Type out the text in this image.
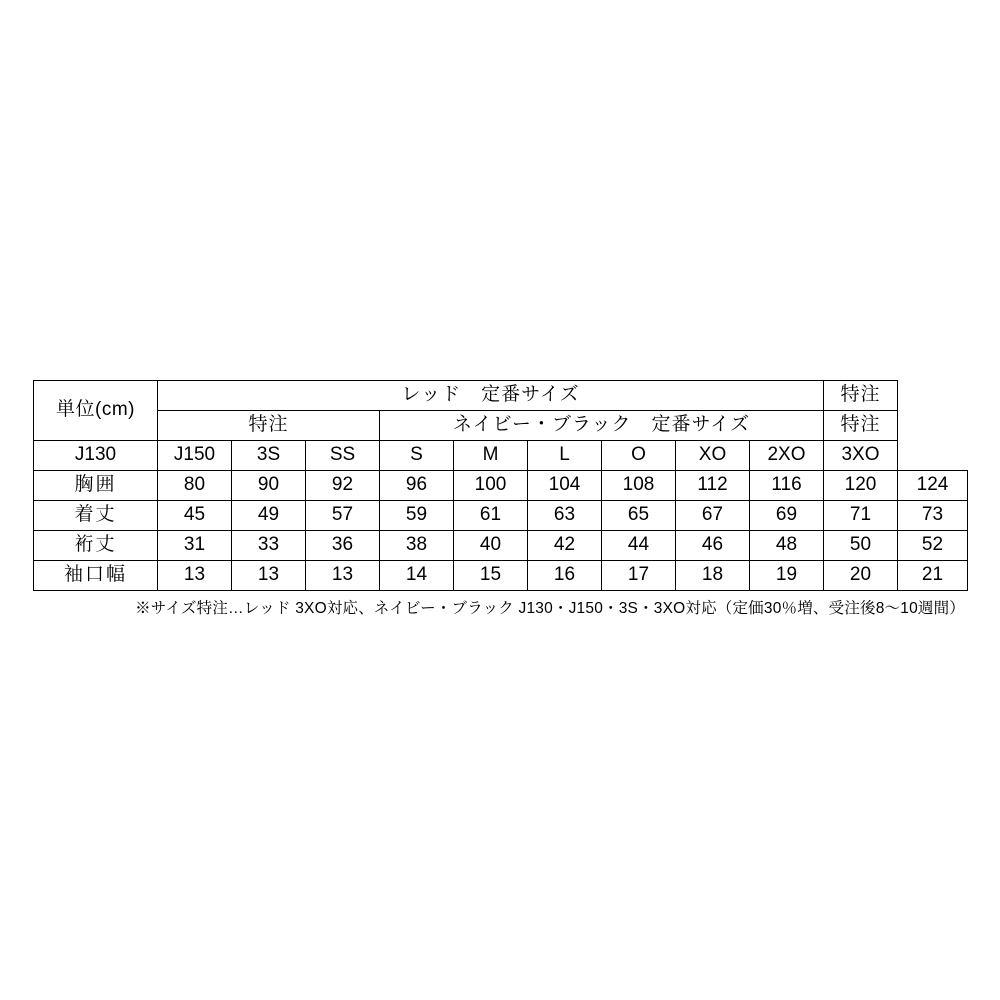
単位(cm)	レッド　定番サイズ									特注	
	特注			ネイビー・ブラック　定番サイズ						特注	
J130	J150	3S	SS	S	M	L	O	XO	2XO	3XO	
胸囲	80	90	92	96	100	104	108	112	116	120	124
着丈	45	49	57	59	61	63	65	67	69	71	73
裄丈	31	33	36	38	40	42	44	46	48	50	52
袖口幅	13	13	13	14	15	16	17	18	19	20	21
※サイズ特注…レッド 3XO対応、ネイビー・ブラック J130・J150・3S・3XO対応（定価30％増、受注後8〜10週間）
